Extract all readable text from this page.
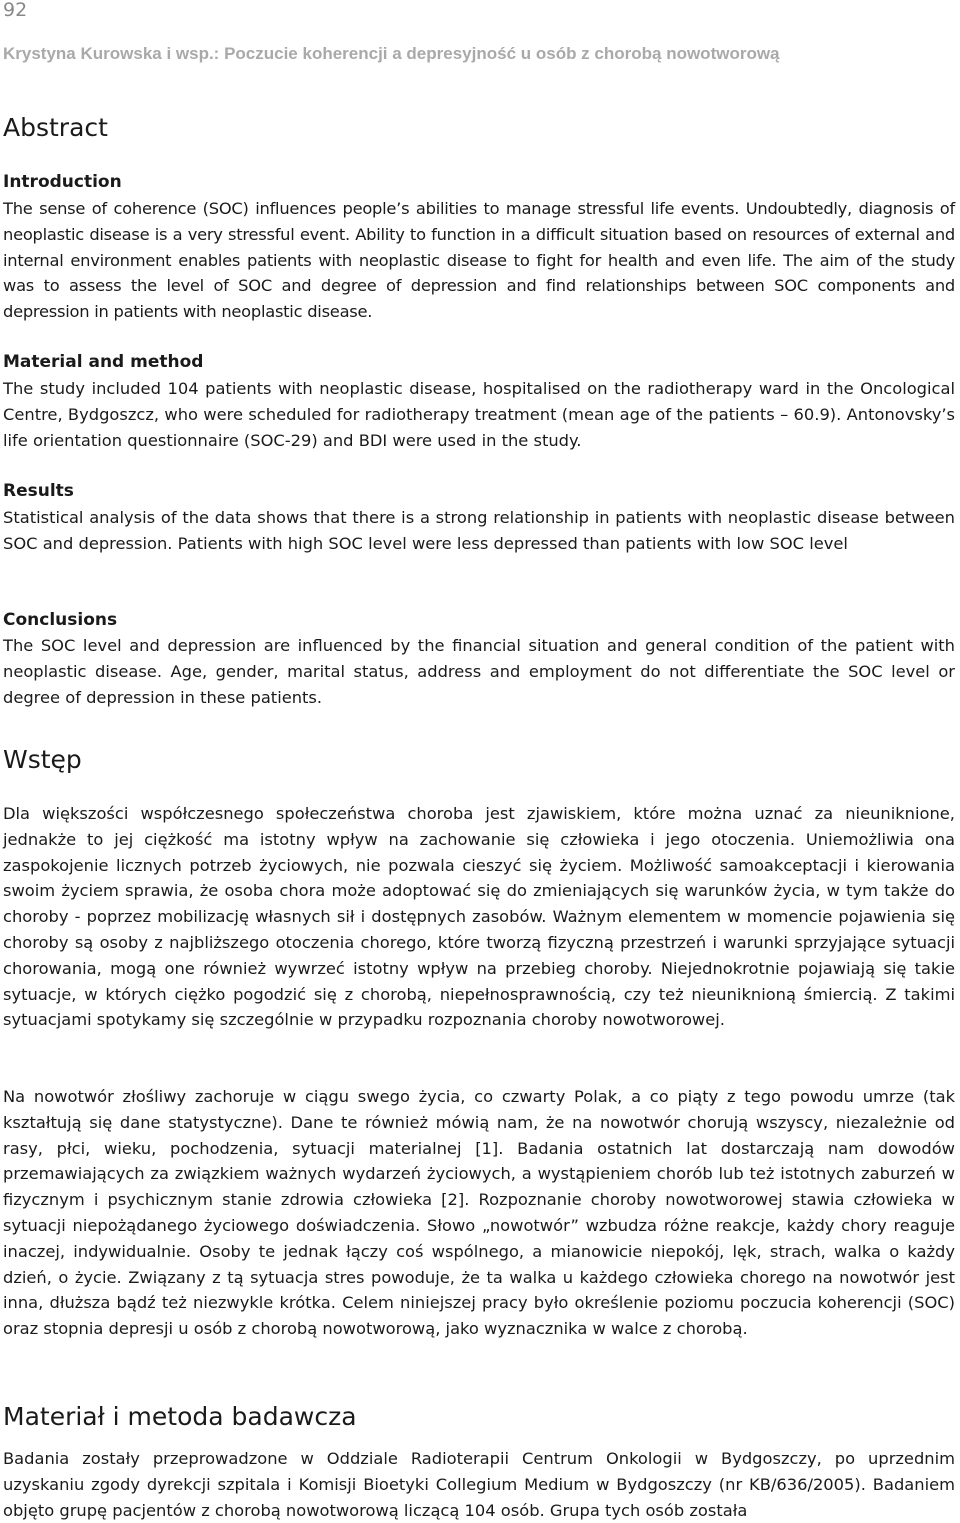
92
Krystyna Kurowska i wsp.: Poczucie koherencji a depresyjność u osób z chorobą nowotworową
Abstract
Introduction

The sense of coherence (SOC) influences people’s abilities to manage stressful life events. Undoubtedly, diagnosis of neoplastic disease is a very stressful event. Ability to function in a difficult situation based on resources of external and internal environment enables patients with neoplastic disease to fight for health and even life. The aim of the study was to assess the level of SOC and degree of depression and find relationships between SOC components and depression in patients with neoplastic disease.

Material and method

The study included 104 patients with neoplastic disease, hospitalised on the radiotherapy ward in the Oncological Centre, Bydgoszcz, who were scheduled for radiotherapy treatment (mean age of the patients – 60.9). Antonovsky’s life orientation questionnaire (SOC-29) and BDI were used in the study.

Results

Statistical analysis of the data shows that there is a strong relationship in patients with neoplastic disease between SOC and depression. Patients with high SOC level were less depressed than patients with low SOC level

Conclusions

The SOC level and depression are influenced by the financial situation and general condition of the patient with neoplastic disease. Age, gender, marital status, address and employment do not differentiate the SOC level or degree of depression in these patients.

Wstęp

Dla większości współczesnego społeczeństwa choroba jest zjawiskiem, które można uznać za nieuniknione, jednakże to jej ciężkość ma istotny wpływ na zachowanie się człowieka i jego otoczenia. Uniemożliwia ona zaspokojenie licznych potrzeb życiowych, nie pozwala cieszyć się życiem. Możliwość samoakceptacji i kierowania swoim życiem sprawia, że osoba chora może adoptować się do zmieniających się warunków życia, w tym także do choroby - poprzez mobilizację własnych sił i dostępnych zasobów. Ważnym elementem w momencie pojawienia się choroby są osoby z najbliższego otoczenia chorego, które tworzą fizyczną przestrzeń i warunki sprzyjające sytuacji chorowania, mogą one również wywrzeć istotny wpływ na przebieg choroby. Niejednokrotnie pojawiają się takie sytuacje, w których ciężko pogodzić się z chorobą, niepełnosprawnością, czy też nieuniknioną śmiercią. Z takimi sytuacjami spotykamy się szczególnie w przypadku rozpoznania choroby nowotworowej.

Na nowotwór złośliwy zachoruje w ciągu swego życia, co czwarty Polak, a co piąty z tego powodu umrze (tak kształtują się dane statystyczne). Dane te również mówią nam, że na nowotwór chorują wszyscy, niezależnie od rasy, płci, wieku, pochodzenia, sytuacji materialnej [1]. Badania ostatnich lat dostarczają nam dowodów przemawiających za związkiem ważnych wydarzeń życiowych, a wystąpieniem chorób lub też istotnych zaburzeń w fizycznym i psychicznym stanie zdrowia człowieka [2]. Rozpoznanie choroby nowotworowej stawia człowieka w sytuacji niepożądanego życiowego doświadczenia. Słowo „nowotwór” wzbudza różne reakcje, każdy chory reaguje inaczej, indywidualnie. Osoby te jednak łączy coś wspólnego, a mianowicie niepokój, lęk, strach, walka o każdy dzień, o życie. Związany z tą sytuacja stres powoduje, że ta walka u każdego człowieka chorego na nowotwór jest inna, dłuższa bądź też niezwykle krótka. Celem niniejszej pracy było określenie poziomu poczucia koherencji (SOC) oraz stopnia depresji u osób z chorobą nowotworową, jako wyznacznika w walce z chorobą.

Materiał i metoda badawcza

Badania zostały przeprowadzone w Oddziale Radioterapii Centrum Onkologii w Bydgoszczy, po uprzednim uzyskaniu zgody dyrekcji szpitala i Komisji Bioetyki Collegium Medium w Bydgoszczy (nr KB/636/2005). Badaniem objęto grupę pacjentów z chorobą nowotworową liczącą 104 osób. Grupa tych osób została
